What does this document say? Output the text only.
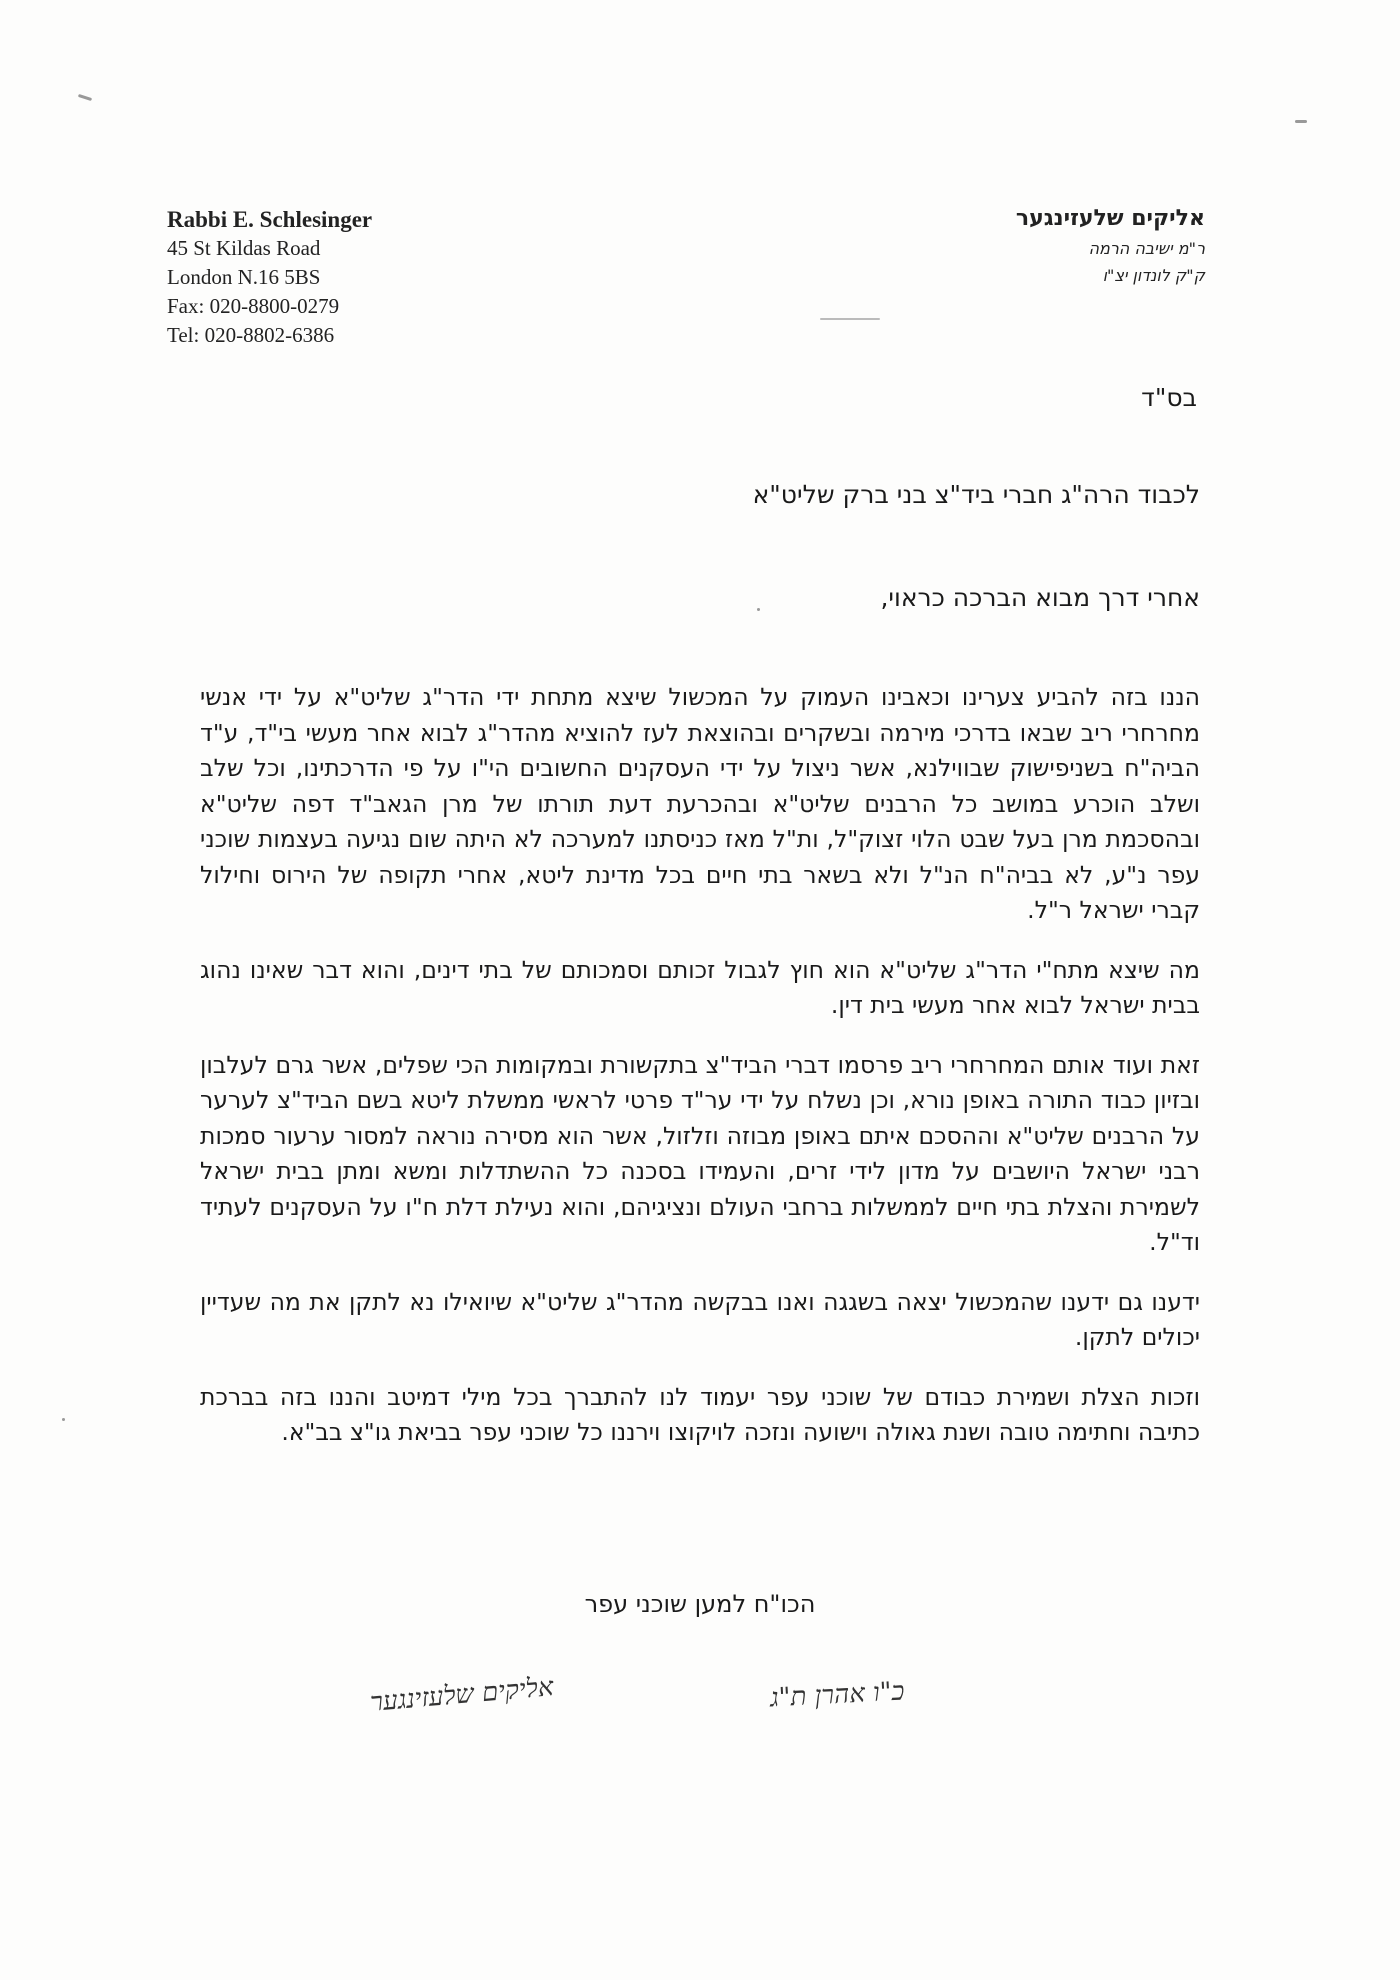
Rabbi E. Schlesinger
45 St Kildas Road
London N.16 5BS
Fax: 020-8800-0279
Tel: 020-8802-6386
אליקים שלעזינגער
ר"מ ישיבה הרמה
ק"ק לונדון יצ"ו
בס"ד
לכבוד הרה"ג חברי ביד"צ בני ברק שליט"א
אחרי דרך מבוא הברכה כראוי,

הננו בזה להביע צערינו וכאבינו העמוק על המכשול שיצא מתחת ידי הדר"ג שליט"א על ידי אנשי מחרחרי ריב שבאו בדרכי מירמה ובשקרים ובהוצאת לעז להוציא מהדר"ג לבוא אחר מעשי בי"ד, ע"ד הביה"ח בשניפישוק שבווילנא, אשר ניצול על ידי העסקנים החשובים הי"ו על פי הדרכתינו, וכל שלב ושלב הוכרע במושב כל הרבנים שליט"א ובהכרעת דעת תורתו של מרן הגאב"ד דפה שליט"א ובהסכמת מרן בעל שבט הלוי זצוק"ל, ות"ל מאז כניסתנו למערכה לא היתה שום נגיעה בעצמות שוכני עפר נ"ע, לא בביה"ח הנ"ל ולא בשאר בתי חיים בכל מדינת ליטא, אחרי תקופה של הירוס וחילול קברי ישראל ר"ל.

מה שיצא מתח"י הדר"ג שליט"א הוא חוץ לגבול זכותם וסמכותם של בתי דינים, והוא דבר שאינו נהוג בבית ישראל לבוא אחר מעשי בית דין.

זאת ועוד אותם המחרחרי ריב פרסמו דברי הביד"צ בתקשורת ובמקומות הכי שפלים, אשר גרם לעלבון ובזיון כבוד התורה באופן נורא, וכן נשלח על ידי ער"ד פרטי לראשי ממשלת ליטא בשם הביד"צ לערער על הרבנים שליט"א וההסכם איתם באופן מבוזה וזלזול, אשר הוא מסירה נוראה למסור ערעור סמכות רבני ישראל היושבים על מדון לידי זרים, והעמידו בסכנה כל ההשתדלות ומשא ומתן בבית ישראל לשמירת והצלת בתי חיים לממשלות ברחבי העולם ונציגיהם, והוא נעילת דלת ח"ו על העסקנים לעתיד וד"ל.

ידענו גם ידענו שהמכשול יצאה בשגגה ואנו בבקשה מהדר"ג שליט"א שיואילו נא לתקן את מה שעדיין יכולים לתקן.

וזכות הצלת ושמירת כבודם של שוכני עפר יעמוד לנו להתברך בכל מילי דמיטב והננו בזה בברכת כתיבה וחתימה טובה ושנת גאולה וישועה ונזכה לויקוצו וירננו כל שוכני עפר בביאת גו"צ בב"א.

הכו"ח למען שוכני עפר
אליקים שלעזינגער	כ"ו אהרן ת"ג
